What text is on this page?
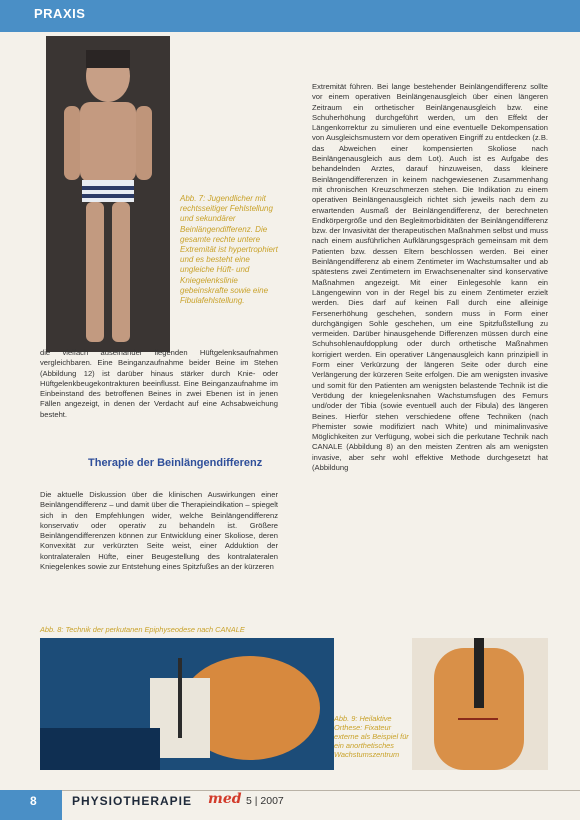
PRAXIS
Abb. 7: Jugendlicher mit rechtsseitiger Fehlstellung und sekundärer Beinlängendifferenz. Die gesamte rechte untere Extremität ist hypertrophiert und es besteht eine ungleiche Hüft- und Kniegelenkslinie gebeinskrafte sowie eine Fibulafehlstellung.
Extremität führen. Bei lange bestehender Beinlängendifferenz sollte vor einem operativen Beinlängenausgleich über einen längeren Zeitraum ein orthetischer Beinlängenausgleich bzw. eine Schuherhöhung durchgeführt werden, um den Effekt der Längenkorrektur zu simulieren und eine eventuelle Dekompensation von Ausgleichsmustern vor dem operativen Eingriff zu entdecken (z.B. das Abweichen einer kompensierten Skoliose nach Beinlängenausgleich aus dem Lot). Auch ist es Aufgabe des behandelnden Arztes, darauf hinzuweisen, dass kleinere Beinlängendifferenzen in keinem nachgewiesenen Zusammenhang mit chronischen Kreuzschmerzen stehen. Die Indikation zu einem operativen Beinlängenausgleich richtet sich jeweils nach dem zu erwartenden Ausmaß der Beinlängendifferenz, der berechneten Endkörpergröße und den Begleitmorbiditäten der Beinlängendifferenz bzw. der Invasivität der therapeutischen Maßnahmen selbst und muss nach einem ausführlichen Aufklärungsgespräch gemeinsam mit dem Patienten bzw. dessen Eltern beschlossen werden. Bei einer Beinlängendifferenz ab einem Zentimeter im Wachstumsalter und ab spätestens zwei Zentimetern im Erwachsenenalter sind konservative Maßnahmen angezeigt. Mit einer Einlegesohle kann ein Längengewinn von in der Regel bis zu einem Zentimeter erzielt werden. Dies darf auf keinen Fall durch eine alleinige Fersenerhöhung geschehen, sondern muss in Form einer durchgängigen Sohle geschehen, um eine Spitzfußstellung zu vermeiden. Darüber hinausgehende Differenzen müssen durch eine Schuhsohlenaufdopplung oder durch orthetische Maßnahmen korrigiert werden. Ein operativer Längenausgleich kann prinzipiell in Form einer Verkürzung der längeren Seite oder durch eine Verlängerung der kürzeren Seite erfolgen. Die am wenigsten invasive und somit für den Patienten am wenigsten belastende Technik ist die Verödung der kniegelenksnahen Wachstumsfugen des Femurs und/oder der Tibia (sowie eventuell auch der Fibula) des längeren Beines. Hierfür stehen verschiedene offene Techniken (nach Phemister sowie modifiziert nach White) und minimalinvasive Möglichkeiten zur Verfügung, wobei sich die perkutane Technik nach CANALE (Abbildung 8) an den meisten Zentren als am wenigsten invasive, aber sehr wohl effektive Methode durchgesetzt hat (Abbildung
die vielfach auseinander liegenden Hüftgelenksaufnahmen vergleichbaren. Eine Beinganzaufnahme beider Beine im Stehen (Abbildung 12) ist darüber hinaus stärker durch Knie- oder Hüftgelenkbeugekontrakturen beeinflusst. Eine Beinganzaufnahme im Einbeinstand des betroffenen Beines in zwei Ebenen ist in jenen Fällen angezeigt, in denen der Verdacht auf eine Achsabweichung besteht.
Therapie der Beinlängendifferenz
Die aktuelle Diskussion über die klinischen Auswirkungen einer Beinlängendifferenz – und damit über die Therapieindikation – spiegelt sich in den Empfehlungen wider, welche Beinlängendifferenz konservativ oder operativ zu behandeln ist. Größere Beinlängendifferenzen können zur Entwicklung einer Skoliose, deren Konvexität zur verkürzten Seite weist, einer Adduktion der kontralateralen Hüfte, einer Beugestellung des kontralateralen Kniegelenkes sowie zur Entstehung eines Spitzfußes an der kürzeren
Abb. 8: Technik der perkutanen Epiphyseodese nach CANALE
Abb. 9: Heilaktive Orthese: Fixateur externe als Beispiel für ein anorthetisches Wachstumszentrum
8	PHYSIOTHERAPIE med 5 | 2007
